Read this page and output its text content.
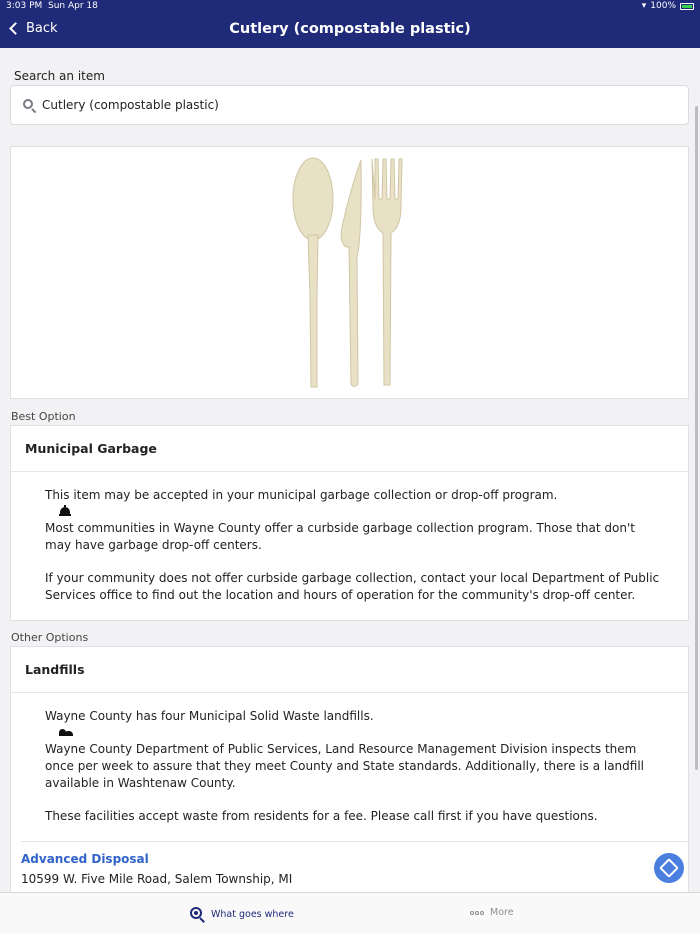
3:03 PM Sun Apr 18	▾ 100%
Back	Cutlery (compostable plastic)
Search an item
Cutlery (compostable plastic)
Best Option
Municipal Garbage

This item may be accepted in your municipal garbage collection or drop-off program.

Most communities in Wayne County offer a curbside garbage collection program. Those that don't may have garbage drop-off centers.

If your community does not offer curbside garbage collection, contact your local Department of Public Services office to find out the location and hours of operation for the community's drop-off center.

Other Options
Landfills

Wayne County has four Municipal Solid Waste landfills.

Wayne County Department of Public Services, Land Resource Management Division inspects them once per week to assure that they meet County and State standards. Additionally, there is a landfill available in Washtenaw County.

These facilities accept waste from residents for a fee. Please call first if you have questions.

Advanced Disposal
10599 W. Five Mile Road, Salem Township, MI
What goes where	More
